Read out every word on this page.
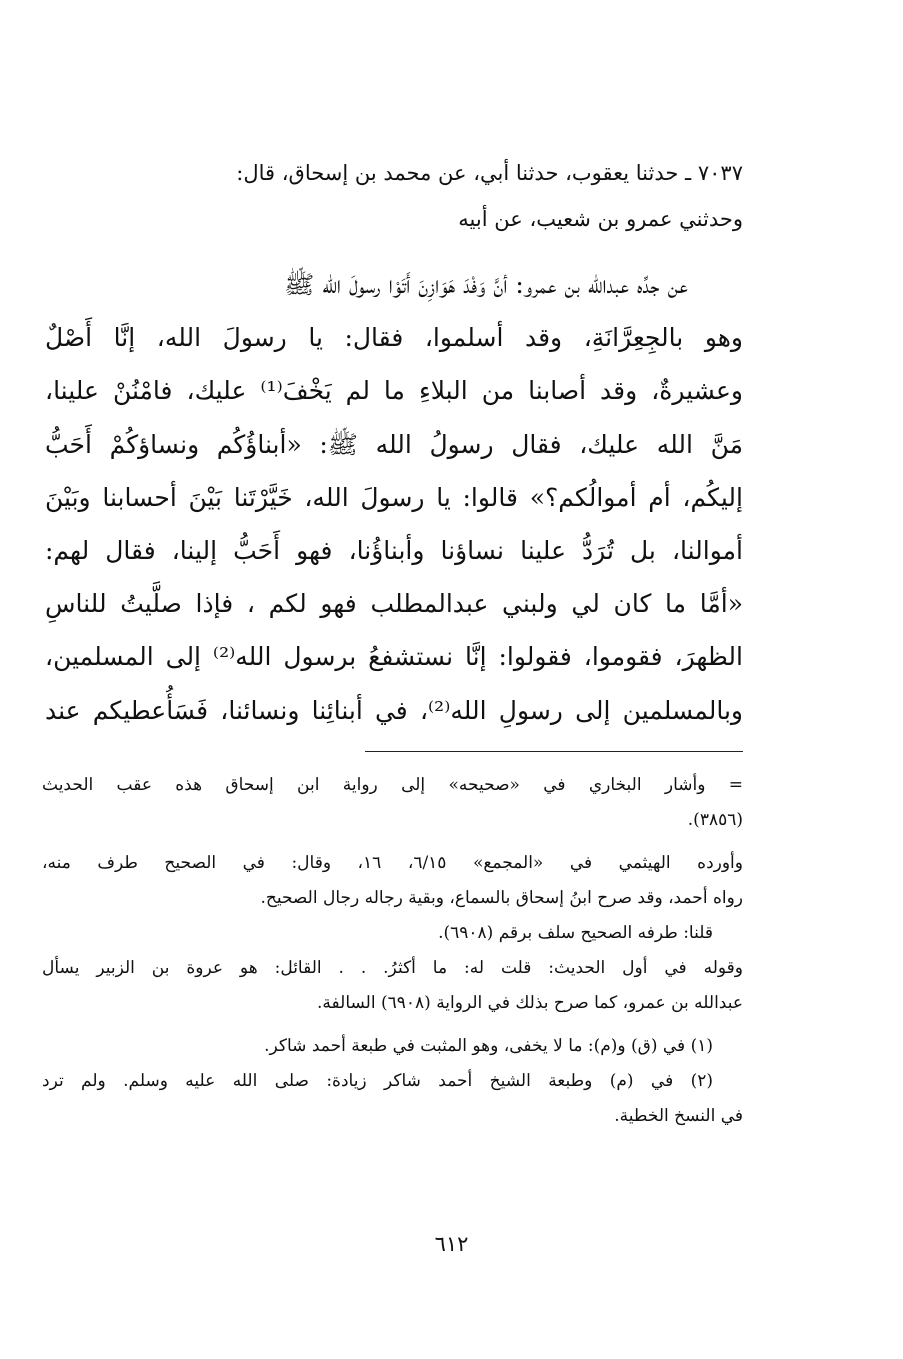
٧٠٣٧ ـ حدثنا يعقوب، حدثنا أبي، عن محمد بن إسحاق، قال:
وحدثني عمرو بن شعيب، عن أبيه
عن جدِّه عبدالله بن عمرو: أنَّ وَفْدَ هَوَازِنَ أَتَوْا رسولَ الله ﷺ
وهو بالجِعِرَّانَةِ، وقد أسلموا، فقال: يا رسولَ الله، إنَّا أَصْلٌ
وعشيرةٌ، وقد أصابنا من البلاءِ ما لم يَخْفَ⁽¹⁾ عليك، فامْنُنْ علينا،
مَنَّ الله عليك، فقال رسولُ الله ﷺ: «أبناؤُكُم ونساؤكُمْ أَحَبُّ
إليكُم، أم أموالُكم؟» قالوا: يا رسولَ الله، خَيَّرْتَنا بَيْنَ أحسابنا وبَيْنَ
أموالنا، بل تُرَدُّ علينا نساؤنا وأبناؤُنا، فهو أَحَبُّ إلينا، فقال لهم:
«أمَّا ما كان لي ولبني عبدالمطلب فهو لكم ، فإذا صلَّيتُ للناسِ
الظهرَ، فقوموا، فقولوا: إنَّا نستشفعُ برسول الله⁽²⁾ إلى المسلمين،
وبالمسلمين إلى رسولِ الله⁽²⁾، في أبنائِنا ونسائنا، فَسَأُعطيكم عند
= وأشار البخاري في «صحيحه» إلى رواية ابن إسحاق هذه عقب الحديث
(٣٨٥٦).
وأورده الهيثمي في «المجمع» ٦/١٥، ١٦، وقال: في الصحيح طرف منه،
رواه أحمد، وقد صرح ابنُ إسحاق بالسماع، وبقية رجاله رجال الصحيح.
قلنا: طرفه الصحيح سلف برقم (٦٩٠٨).
وقوله في أول الحديث: قلت له: ما أكثرُ. . . القائل: هو عروة بن الزبير يسأل
عبدالله بن عمرو، كما صرح بذلك في الرواية (٦٩٠٨) السالفة.
(١) في (ق) و(م): ما لا يخفى، وهو المثبت في طبعة أحمد شاكر.
(٢) في (م) وطبعة الشيخ أحمد شاكر زيادة: صلى الله عليه وسلم. ولم ترد
في النسخ الخطية.
٦١٢
